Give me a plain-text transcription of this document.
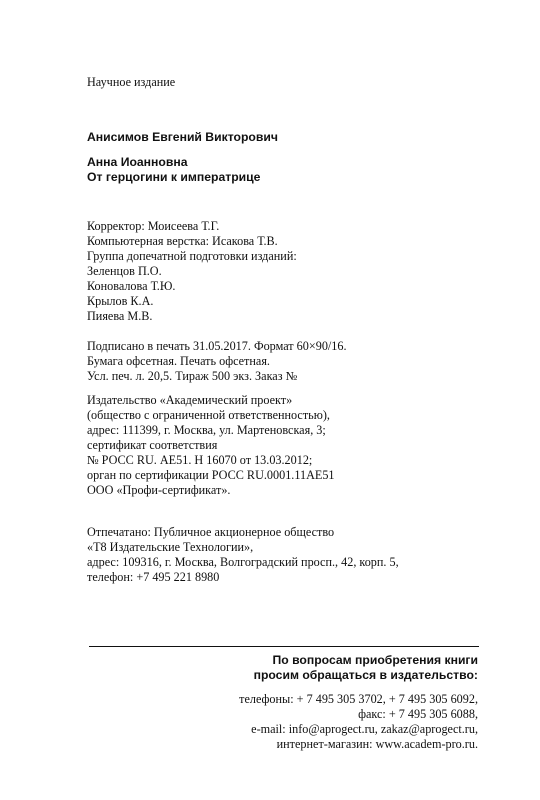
Научное издание
Анисимов Евгений Викторович
Анна Иоанновна
От герцогини к императрице
Корректор: Моисеева Т.Г.
Компьютерная верстка: Исакова Т.В.
Группа допечатной подготовки изданий:
Зеленцов П.О.
Коновалова Т.Ю.
Крылов К.А.
Пияева М.В.
Подписано в печать 31.05.2017. Формат 60×90/16.
Бумага офсетная. Печать офсетная.
Усл. печ. л. 20,5. Тираж 500 экз. Заказ №
Издательство «Академический проект»
(общество с ограниченной ответственностью),
адрес: 111399, г. Москва, ул. Мартеновская, 3;
сертификат соответствия
№ РОСС RU. АЕ51. Н 16070 от 13.03.2012;
орган по сертификации РОСС RU.0001.11АЕ51
ООО «Профи-сертификат».
Отпечатано: Публичное акционерное общество
«Т8 Издательские Технологии»,
адрес: 109316, г. Москва, Волгоградский просп., 42, корп. 5,
телефон: +7 495 221 8980
По вопросам приобретения книги
просим обращаться в издательство:
телефоны: + 7 495 305 3702, + 7 495 305 6092,
факс: + 7 495 305 6088,
e-mail: info@aprogect.ru, zakaz@aprogect.ru,
интернет-магазин: www.academ-pro.ru.
